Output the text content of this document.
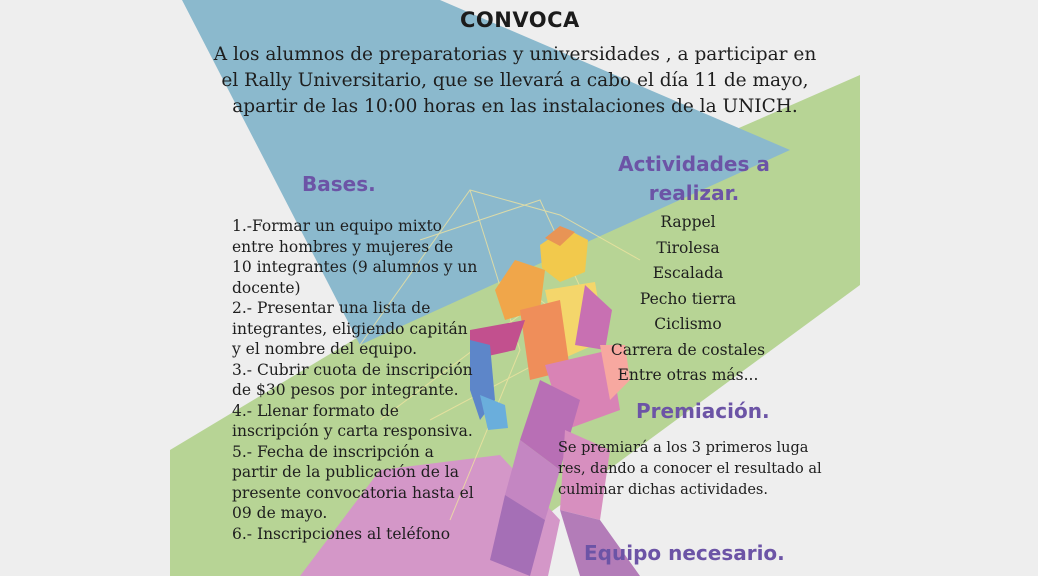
CONVOCA
A los alumnos de preparatorias y universidades , a participar en
el Rally Universitario, que se llevará a cabo el día 11 de mayo,
apartir de las 10:00 horas en las instalaciones de la UNICH.
Bases.
1.-Formar un equipo mixto
entre hombres y mujeres de
10 integrantes (9 alumnos y un
docente)
2.- Presentar una lista de
integrantes, eligiendo capitán
y el nombre del equipo.
3.- Cubrir cuota de inscripción
de $30 pesos por integrante.
4.- Llenar formato de
inscripción y carta responsiva.
5.- Fecha de inscripción a
partir de la publicación de la
presente convocatoria hasta el
09 de mayo.
6.- Inscripciones al teléfono
Actividades a realizar.
Rappel
Tirolesa
Escalada
Pecho tierra
Ciclismo
Carrera de costales
Entre otras más...
Premiación.
Se premiará a los 3 primeros luga
res, dando a conocer el resultado al
culminar dichas actividades.
Equipo necesario.
